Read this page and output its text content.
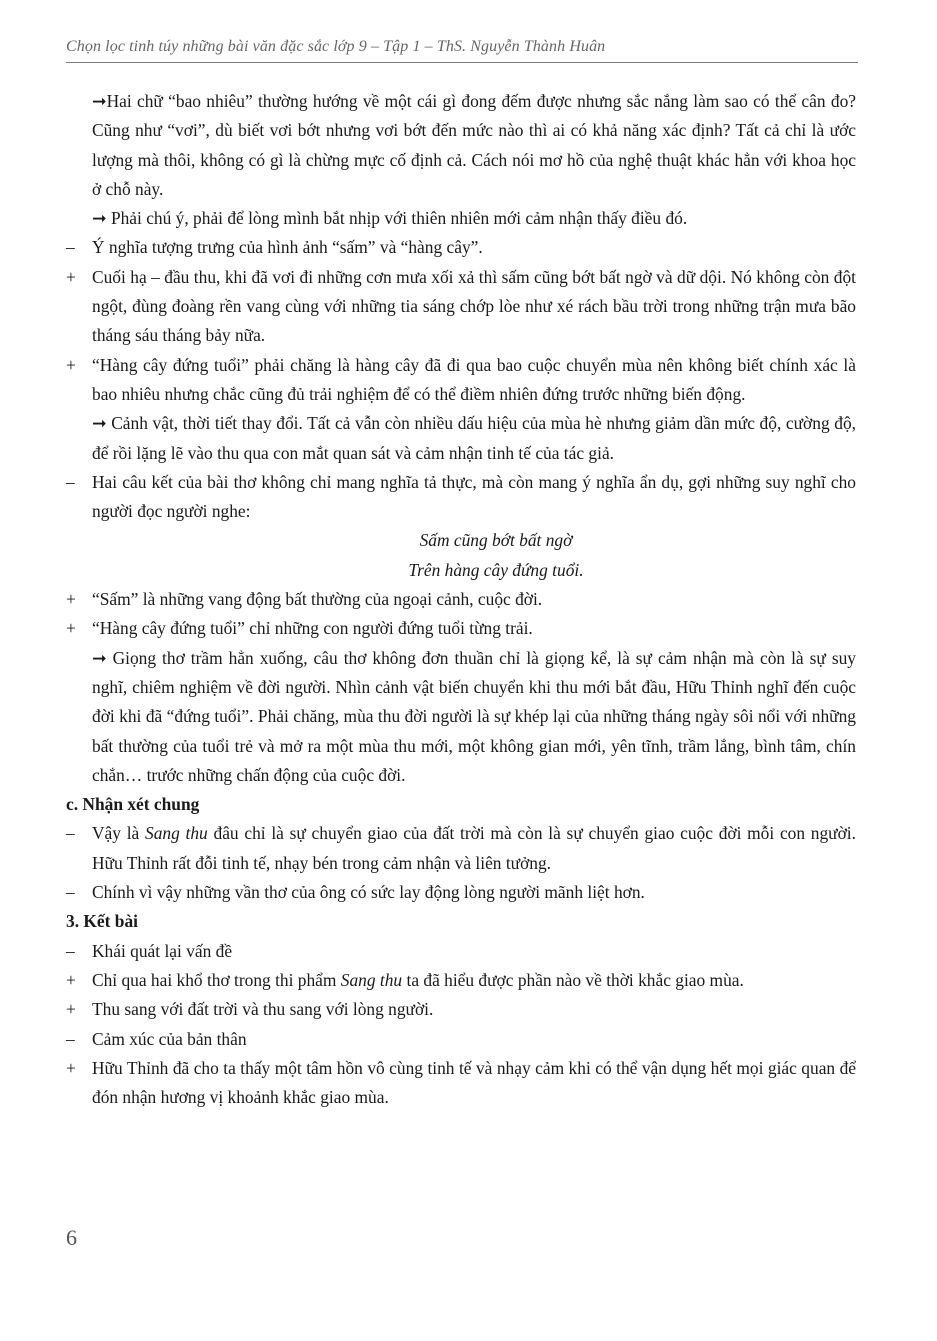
Chọn lọc tinh túy những bài văn đặc sắc lớp 9 – Tập 1 – ThS. Nguyễn Thành Huân
➞Hai chữ “bao nhiêu” thường hướng về một cái gì đong đếm được nhưng sắc nắng làm sao có thể cân đo? Cũng như “vơi”, dù biết vơi bớt nhưng vơi bớt đến mức nào thì ai có khả năng xác định? Tất cả chỉ là ước lượng mà thôi, không có gì là chừng mực cố định cả. Cách nói mơ hồ của nghệ thuật khác hẳn với khoa học ở chỗ này.
➞ Phải chú ý, phải để lòng mình bắt nhịp với thiên nhiên mới cảm nhận thấy điều đó.
– Ý nghĩa tượng trưng của hình ảnh “sấm” và “hàng cây”.
+ Cuối hạ – đầu thu, khi đã vơi đi những cơn mưa xối xả thì sấm cũng bớt bất ngờ và dữ dội. Nó không còn đột ngột, đùng đoàng rền vang cùng với những tia sáng chớp lòe như xé rách bầu trời trong những trận mưa bão tháng sáu tháng bảy nữa.
+ “Hàng cây đứng tuổi” phải chăng là hàng cây đã đi qua bao cuộc chuyển mùa nên không biết chính xác là bao nhiêu nhưng chắc cũng đủ trải nghiệm để có thể điềm nhiên đứng trước những biến động.
➞ Cảnh vật, thời tiết thay đổi. Tất cả vẫn còn nhiều dấu hiệu của mùa hè nhưng giảm dần mức độ, cường độ, để rồi lặng lẽ vào thu qua con mắt quan sát và cảm nhận tinh tế của tác giả.
– Hai câu kết của bài thơ không chỉ mang nghĩa tả thực, mà còn mang ý nghĩa ẩn dụ, gợi những suy nghĩ cho người đọc người nghe:
Sấm cũng bớt bất ngờ
Trên hàng cây đứng tuổi.
+ “Sấm” là những vang động bất thường của ngoại cảnh, cuộc đời.
+ “Hàng cây đứng tuổi” chỉ những con người đứng tuổi từng trải.
➞ Giọng thơ trầm hẳn xuống, câu thơ không đơn thuần chỉ là giọng kể, là sự cảm nhận mà còn là sự suy nghĩ, chiêm nghiệm về đời người. Nhìn cảnh vật biến chuyển khi thu mới bắt đầu, Hữu Thỉnh nghĩ đến cuộc đời khi đã “đứng tuổi”. Phải chăng, mùa thu đời người là sự khép lại của những tháng ngày sôi nổi với những bất thường của tuổi trẻ và mở ra một mùa thu mới, một không gian mới, yên tĩnh, trầm lắng, bình tâm, chín chắn… trước những chấn động của cuộc đời.
c. Nhận xét chung
– Vậy là Sang thu đâu chỉ là sự chuyển giao của đất trời mà còn là sự chuyển giao cuộc đời mỗi con người. Hữu Thỉnh rất đỗi tinh tế, nhạy bén trong cảm nhận và liên tưởng.
– Chính vì vậy những vần thơ của ông có sức lay động lòng người mãnh liệt hơn.
3. Kết bài
– Khái quát lại vấn đề
+ Chỉ qua hai khổ thơ trong thi phẩm Sang thu ta đã hiểu được phần nào về thời khắc giao mùa.
+ Thu sang với đất trời và thu sang với lòng người.
– Cảm xúc của bản thân
+ Hữu Thỉnh đã cho ta thấy một tâm hồn vô cùng tinh tế và nhạy cảm khi có thể vận dụng hết mọi giác quan để đón nhận hương vị khoảnh khắc giao mùa.
6
